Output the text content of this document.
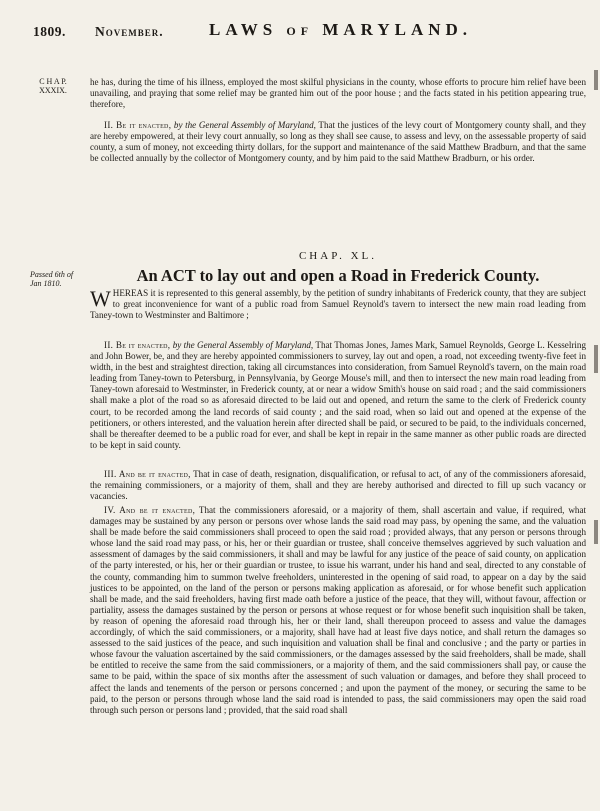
1809. November.	LAWS of MARYLAND.
C H A P.
XXXIX.

he has, during the time of his illness, employed the most skilful physicians in the county, whose efforts to procure him relief have been unavailing, and praying that some relief may be granted him out of the poor house ; and the facts stated in his petition appearing true, therefore,

II. Be it enacted, by the General Assembly of Maryland, That the justices of the levy court of Montgomery county shall, and they are hereby empowered, at their levy court annually, so long as they shall see cause, to assess and levy, on the assessable property of said county, a sum of money, not exceeding thirty dollars, for the support and maintenance of the said Matthew Bradburn, and that the same be collected annually by the collector of Montgomery county, and by him paid to the said Matthew Bradburn, or his order.

CHAP. XL.
Passed 6th of
Jan 1810.	An ACT to lay out and open a Road in Frederick County.

WHEREAS it is represented to this general assembly, by the petition of sundry inhabitants of Frederick county, that they are subject to great inconvenience for want of a public road from Samuel Reynold's tavern to intersect the new main road leading from Taney-town to Westminster and Baltimore ;

II. Be it enacted, by the General Assembly of Maryland, That Thomas Jones, James Mark, Samuel Reynolds, George L. Kesselring and John Bower, be, and they are hereby appointed commissioners to survey, lay out and open, a road, not exceeding twenty-five feet in width, in the best and straightest direction, taking all circumstances into consideration, from Samuel Reynold's tavern, on the main road leading from Taney-town to Petersburg, in Pennsylvania, by George Mouse's mill, and then to intersect the new main road leading from Taney-town aforesaid to Westminster, in Frederick county, at or near a widow Smith's house on said road ; and the said commissioners shall make a plot of the road so as aforesaid directed to be laid out and opened, and return the same to the clerk of Frederick county court, to be recorded among the land records of said county ; and the said road, when so laid out and opened at the expense of the petitioners, or others interested, and the valuation herein after directed shall be paid, or secured to be paid, to the individuals concerned, shall be thereafter deemed to be a public road for ever, and shall be kept in repair in the same manner as other public roads are directed to be kept in said county.

III. And be it enacted, That in case of death, resignation, disqualification, or refusal to act, of any of the commissioners aforesaid, the remaining commissioners, or a majority of them, shall and they are hereby authorised and directed to fill up such vacancy or vacancies.

IV. And be it enacted, That the commissioners aforesaid, or a majority of them, shall ascertain and value, if required, what damages may be sustained by any person or persons over whose lands the said road may pass, by opening the same, and the valuation shall be made before the said commissioners shall proceed to open the said road ; provided always, that any person or persons through whose land the said road may pass, or his, her or their guardian or trustee, shall conceive themselves aggrieved by such valuation and assessment of damages by the said commissioners, it shall and may be lawful for any justice of the peace of said county, on application of the party interested, or his, her or their guardian or trustee, to issue his warrant, under his hand and seal, directed to any constable of the county, commanding him to summon twelve freeholders, uninterested in the opening of said road, to appear on a day by the said justices to be appointed, on the land of the person or persons making application as aforesaid, or for whose benefit such application shall be made, and the said freeholders, having first made oath before a justice of the peace, that they will, without favour, affection or partiality, assess the damages sustained by the person or persons at whose request or for whose benefit such inquisition shall be taken, by reason of opening the aforesaid road through his, her or their land, shall thereupon proceed to assess and value the damages accordingly, of which the said commissioners, or a majority, shall have had at least five days notice, and shall return the damages so assessed to the said justices of the peace, and such inquisition and valuation shall be final and conclusive ; and the party or parties in whose favour the valuation ascertained by the said commissioners, or the damages assessed by the said freeholders, shall be made, shall be entitled to receive the same from the said commissioners, or a majority of them, and the said commissioners shall pay, or cause the same to be paid, within the space of six months after the assessment of such valuation or damages, and before they shall proceed to affect the lands and tenements of the person or persons concerned ; and upon the payment of the money, or securing the same to be paid, to the person or persons through whose land the said road is intended to pass, the said commissioners may open the said road through such person or persons land ; provided, that the said road shall
